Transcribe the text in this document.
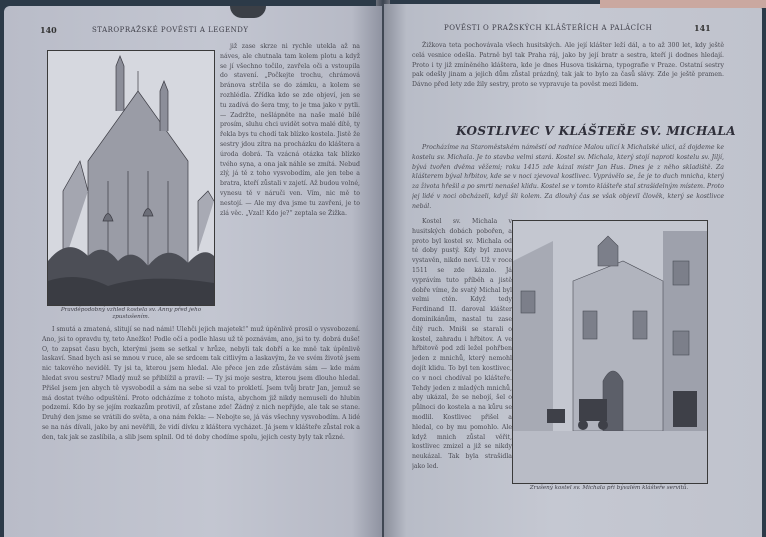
140	STAROPRAŽSKÉ POVĚSTI A LEGENDY
Pravděpodobný vzhled kostela sv. Anny před jeho zpustošením.

již zase skrze ni rychle utekla až na náves, ale chutnala tam kolem plotu a když se jí všechno točilo, zavřela oči a vstoupila do stavení. „Počkejte trochu, chrámová bránova strčila se do zámku, a kolem se rozhlédla. Zřídka kdo se zde objeví, jen se tu zadívá do šera tmy, to je tma jako v pytli. — Zadržte, nešlápněte na naše malé bílé prosím, sluhu chci uvidět sotva malé dítě, ty řekla bys tu chodí tak blízko kostela. Jistě že sestry jdou zítra na procházku do kláštera a úroda dobrá. Ta vzácná otázka tak blízko tvého syna, a ona jak náhle se zmítá. Nebuď zlý, já tě z toho vysvobodím, ale jen tebe a bratra, kteří zůstali v zajetí. Až budou volné, vynesu tě v náruči ven. Vím, nic mě to nestojí. — Ale my dva jsme tu zavřeni, je to zlá věc. „Vzal! Kdo je?“ zeptala se Žižka.

I smutá a zmatená, slitují se nad námi! Ulehči jejich majetek!“ muž úpěnlivě prosil o vysvobození. Ano, jsi to opravdu ty, teto Anežko! Podle očí a podle hlasu už tě poznávám, ano, jsi to ty. dobrá duše! O, to zapsat času bych, kterými jsem se setkal v hrůze, nebyli tak dobří a ke mně tak úpěnlivě laskaví. Snad bych asi se mnou v ruce, ale se srdcem tak citlivým a laskavým, že ve svém životě jsem nic takového neviděl. Ty jsi ta, kterou jsem hledal. Ale přece jen zde zůstávám sám — kde mám hledat svou sestru? Mladý muž se přiblížil a pravil: — Ty jsi moje sestra, kterou jsem dlouho hledal. Přišel jsem jen abych tě vysvobodil a sám na sebe si vzal to prokletí. Jsem tvůj bratr Jan, jemuž se má dostat tvého odpuštění. Proto odcházíme z tohoto místa, abychom již nikdy nemuseli do hlubin podzemí. Kdo by se jejím rozkazům protivil, ať zůstane zde! Žádný z nich nepřijde, ale tak se stane. Druhý den jsme se vrátili do světa, a ona nám řekla: — Nebojte se, já vás všechny vysvobodím. A lidé se na nás dívali, jako by ani nevěřili, že vidí dívku z kláštera vycházet. Já jsem v klášteře zůstal rok a den, tak jak se zaslíbila, a slib jsem splnil. Od té doby chodíme spolu, jejich cesty byly tak různé.

POVĚSTI O PRAŽSKÝCH KLÁŠTEŘÍCH A PALÁCÍCH	141

Žižkova teta pochovávala všech husitských. Ale její klášter leží dál, a to až 300 let, kdy ještě celá vesnice odešla. Patrně byl tak Praha ráj, jako by její bratr a sestra, kteří ji dodnes hledají. Proto i ty již zmíněného kláštera, kde je dnes Husova tiskárna, typografie v Praze. Ostatní sestry pak odešly jinam a jejich dům zůstal prázdný, tak jak to bylo za časů slávy. Zde je ještě pramen. Dávno před lety zde žily sestry, proto se vypravuje ta pověst mezi lidem.

KOSTLIVEC V KLÁŠTEŘE SV. MICHALA

Procházíme na Staroměstském náměstí od radnice Malou ulicí k Michalské ulici, až dojdeme ke kostelu sv. Michala. Je to stavba velmi stará. Kostel sv. Michala, který stojí naproti kostelu sv. Jiljí, bývá tvořen dvěma věžemi; roku 1415 zde kázal mistr Jan Hus. Dnes je z něho skladiště. Za klášterem býval hřbitov, kde se v noci zjevoval kostlivec. Vyprávělo se, že je to duch mnicha, který za života hřešil a po smrti nenašel klidu. Kostel se v tomto klášteře stal strašidelným místem. Proto jej lidé v noci obcházeli, když šli kolem. Za dlouhý čas se však objevil člověk, který se kostlivce nebál.

Kostel sv. Michala v husitských dobách pobořen, a proto byl kostel sv. Michala od té doby pustý. Kdy byl znovu vystavěn, nikdo neví. Už v roce 1511 se zde kázalo. Já vyprávím tuto příběh a jistě dobře víme, že svatý Michal byl velmi ctěn. Když tedy Ferdinand II. daroval klášter dominikánům, nastal tu zase čilý ruch. Mniši se starali o kostel, zahradu i hřbitov. A ve hřbitově pod zdí ležel pohřben jeden z mnichů, který nemohl dojít klidu. To byl ten kostlivec, co v noci chodíval po klášteře. Tehdy jeden z mladých mnichů, aby ukázal, že se nebojí, šel o půlnoci do kostela a na kůru se modlil. Kostlivec přišel a hledal, co by mu pomohlo. Ale když mnich zůstal věřit, kostlivec zmizel a již se nikdy neukázal. Tak byla strašidla jako led.

Zrušený kostel sv. Michala při bývalém klášteře servitů.
